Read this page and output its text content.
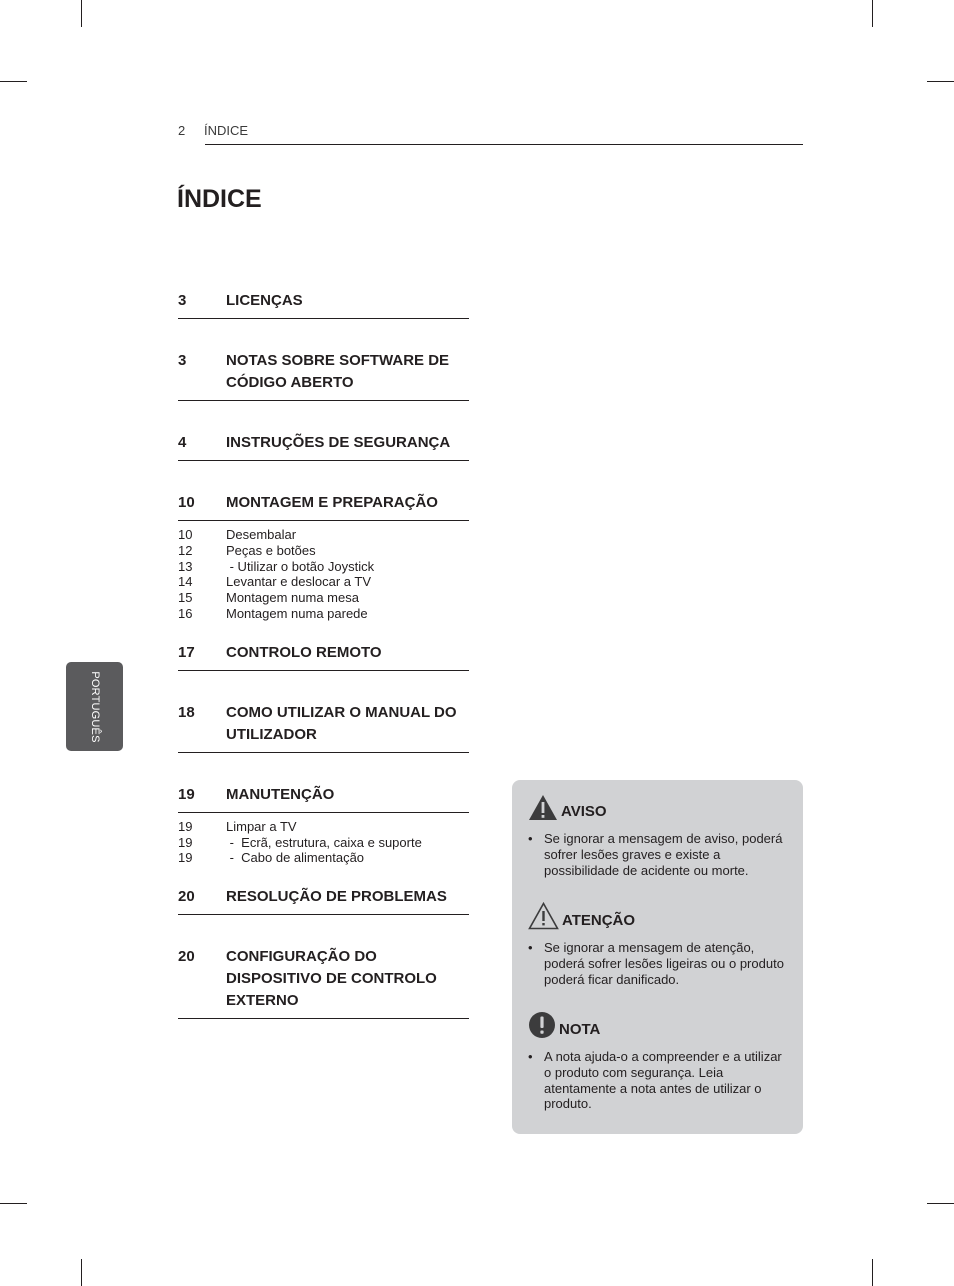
2 ÍNDICE
ÍNDICE
3	LICENÇAS
3	NOTAS SOBRE SOFTWARE DE CÓDIGO ABERTO
4	INSTRUÇÕES DE SEGURANÇA
10	MONTAGEM E PREPARAÇÃO
10	Desembalar
12	Peças e botões
13	- Utilizar o botão Joystick
14	Levantar e deslocar a TV
15	Montagem numa mesa
16	Montagem numa parede
17	CONTROLO REMOTO
18	COMO UTILIZAR O MANUAL DO UTILIZADOR
19	MANUTENÇÃO
19	Limpar a TV
19	-  Ecrã, estrutura, caixa e suporte
19	-  Cabo de alimentação
20	RESOLUÇÃO DE PROBLEMAS
20	CONFIGURAÇÃO DO DISPOSITIVO DE CONTROLO EXTERNO
PORTUGUÊS
AVISO
• Se ignorar a mensagem de aviso, poderá sofrer lesões graves e existe a possibilidade de acidente ou morte.
ATENÇÃO
• Se ignorar a mensagem de atenção, poderá sofrer lesões ligeiras ou o produto poderá ficar danificado.
NOTA
• A nota ajuda-o a compreender e a utilizar o produto com segurança. Leia atentamente a nota antes de utilizar o produto.
